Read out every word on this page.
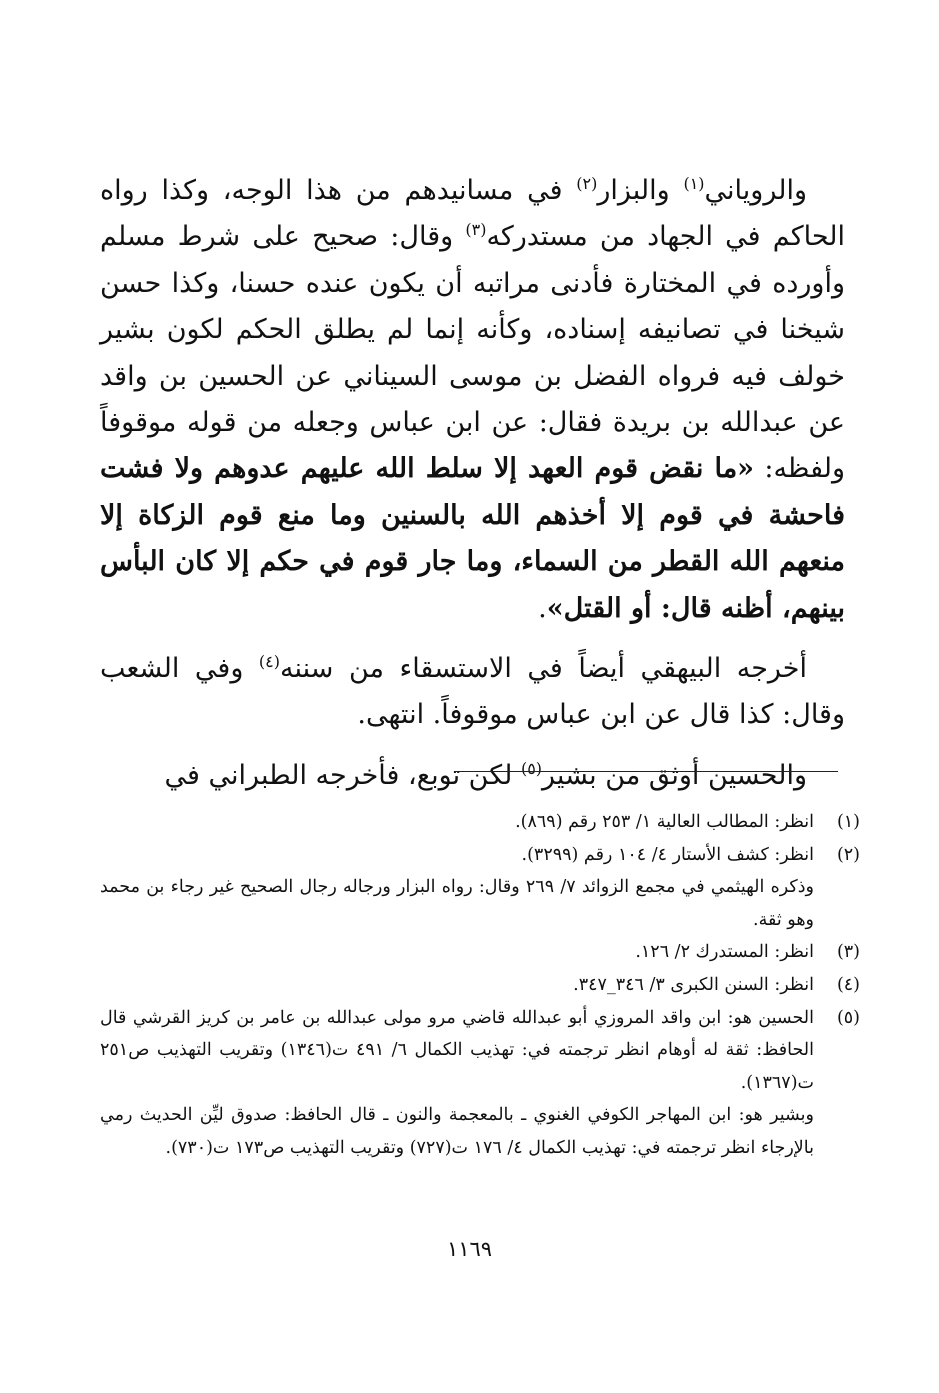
والروياني$^{(١)}$ والبزار$^{(٢)}$ في مسانيدهم من هذا الوجه، وكذا رواه الحاكم في الجهاد من مستدركه$^{(٣)}$ وقال: صحيح على شرط مسلم وأورده في المختارة فأدنى مراتبه أن يكون عنده حسنا، وكذا حسن شيخنا في تصانيفه إسناده، وكأنه إنما لم يطلق الحكم لكون بشير خولف فيه فرواه الفضل بن موسى السيناني عن الحسين بن واقد عن عبدالله بن بريدة فقال: عن ابن عباس وجعله من قوله موقوفاً ولفظه: «ما نقض قوم العهد إلا سلط الله عليهم عدوهم ولا فشت فاحشة في قوم إلا أخذهم الله بالسنين وما منع قوم الزكاة إلا منعهم الله القطر من السماء، وما جار قوم في حكم إلا كان البأس بينهم، أظنه قال: أو القتل».

أخرجه البيهقي أيضاً في الاستسقاء من سننه$^{(٤)}$ وفي الشعب وقال: كذا قال عن ابن عباس موقوفاً. انتهى.

والحسين أوثق من بشير$^{(٥)}$ لكن توبع، فأخرجه الطبراني في

(١)
انظر: المطالب العالية ١/ ٢٥٣ رقم (٨٦٩).
(٢)
انظر: كشف الأستار ٤/ ١٠٤ رقم (٣٢٩٩).

وذكره الهيثمي في مجمع الزوائد ٧/ ٢٦٩ وقال: رواه البزار ورجاله رجال الصحيح غير رجاء بن محمد وهو ثقة.

(٣)
انظر: المستدرك ٢/ ١٢٦.
(٤)
انظر: السنن الكبرى ٣/ ٣٤٦_٣٤٧.
(٥)
الحسين هو: ابن واقد المروزي أبو عبدالله قاضي مرو مولى عبدالله بن عامر بن كريز القرشي قال الحافظ: ثقة له أوهام انظر ترجمته في: تهذيب الكمال ٦/ ٤٩١ ت(١٣٤٦) وتقريب التهذيب ص٢٥١ ت(١٣٦٧).

وبشير هو: ابن المهاجر الكوفي الغنوي ـ بالمعجمة والنون ـ قال الحافظ: صدوق ليِّن الحديث رمي بالإرجاء انظر ترجمته في: تهذيب الكمال ٤/ ١٧٦ ت(٧٢٧) وتقريب التهذيب ص١٧٣ ت(٧٣٠).

١١٦٩
